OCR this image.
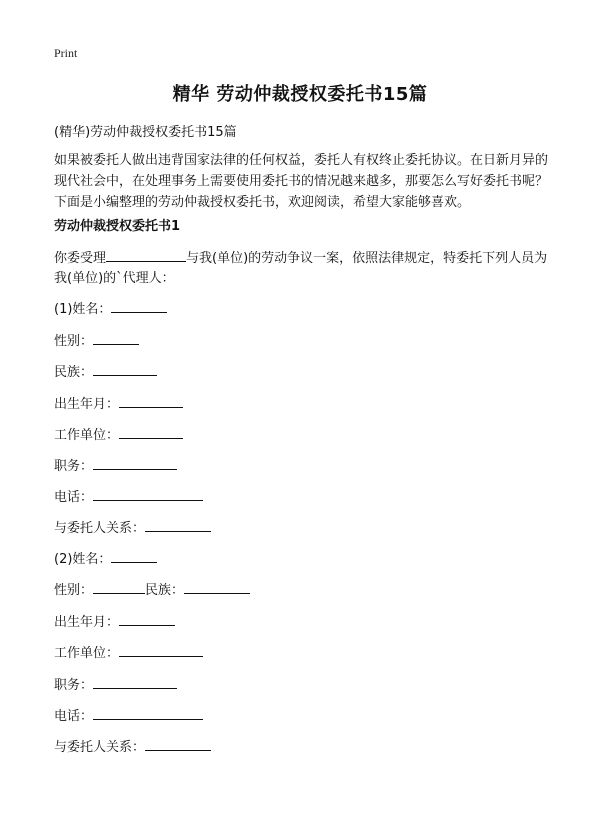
Print
精华 劳动仲裁授权委托书15篇
(精华)劳动仲裁授权委托书15篇

如果被委托人做出违背国家法律的任何权益，委托人有权终止委托协议。在日新月异的现代社会中，在处理事务上需要使用委托书的情况越来越多，那要怎么写好委托书呢？下面是小编整理的劳动仲裁授权委托书，欢迎阅读，希望大家能够喜欢。

劳动仲裁授权委托书1

你委受理	与我(单位)的劳动争议一案，依照法律规定，特委托下列人员为我(单位)的`代理人：

(1)姓名：
性别：
民族：
出生年月：
工作单位：
职务：
电话：
与委托人关系：
(2)姓名：
性别：	民族：
出生年月：
工作单位：
职务：
电话：
与委托人关系：
